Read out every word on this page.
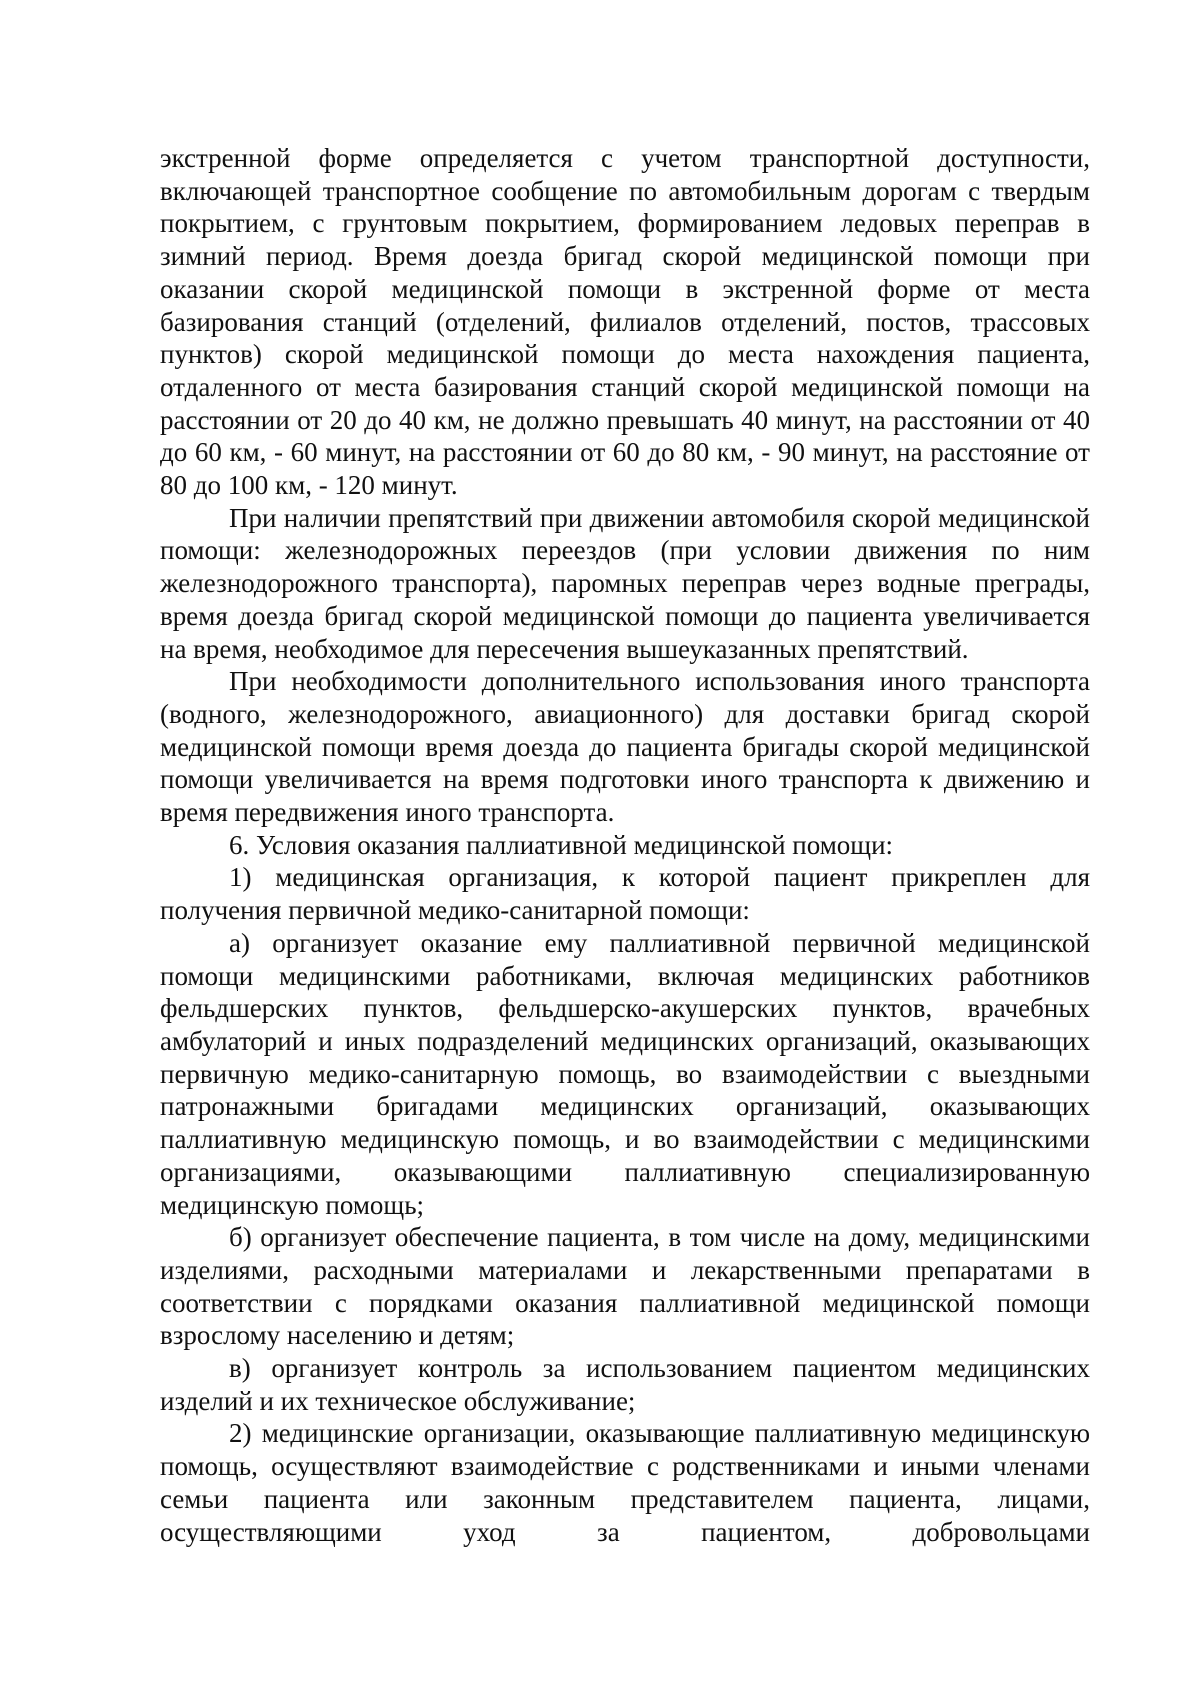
экстренной форме определяется с учетом транспортной доступности, включающей транспортное сообщение по автомобильным дорогам с твердым покрытием, с грунтовым покрытием, формированием ледовых переправ в зимний период. Время доезда бригад скорой медицинской помощи при оказании скорой медицинской помощи в экстренной форме от места базирования станций (отделений, филиалов отделений, постов, трассовых пунктов) скорой медицинской помощи до места нахождения пациента, отдаленного от места базирования станций скорой медицинской помощи на расстоянии от 20 до 40 км, не должно превышать 40 минут, на расстоянии от 40 до 60 км, - 60 минут, на расстоянии от 60 до 80 км, - 90 минут, на расстояние от 80 до 100 км, - 120 минут.

При наличии препятствий при движении автомобиля скорой медицинской помощи: железнодорожных переездов (при условии движения по ним железнодорожного транспорта), паромных переправ через водные преграды, время доезда бригад скорой медицинской помощи до пациента увеличивается на время, необходимое для пересечения вышеуказанных препятствий.

При необходимости дополнительного использования иного транспорта (водного, железнодорожного, авиационного) для доставки бригад скорой медицинской помощи время доезда до пациента бригады скорой медицинской помощи увеличивается на время подготовки иного транспорта к движению и время передвижения иного транспорта.

6. Условия оказания паллиативной медицинской помощи:

1) медицинская организация, к которой пациент прикреплен для получения первичной медико-санитарной помощи:

а) организует оказание ему паллиативной первичной медицинской помощи медицинскими работниками, включая медицинских работников фельдшерских пунктов, фельдшерско-акушерских пунктов, врачебных амбулаторий и иных подразделений медицинских организаций, оказывающих первичную медико-санитарную помощь, во взаимодействии с выездными патронажными бригадами медицинских организаций, оказывающих паллиативную медицинскую помощь, и во взаимодействии с медицинскими организациями, оказывающими паллиативную специализированную медицинскую помощь;

б) организует обеспечение пациента, в том числе на дому, медицинскими изделиями, расходными материалами и лекарственными препаратами в соответствии с порядками оказания паллиативной медицинской помощи взрослому населению и детям;

в) организует контроль за использованием пациентом медицинских изделий и их техническое обслуживание;

2) медицинские организации, оказывающие паллиативную медицинскую помощь, осуществляют взаимодействие с родственниками и иными членами семьи пациента или законным представителем пациента, лицами, осуществляющими уход за пациентом, добровольцами
